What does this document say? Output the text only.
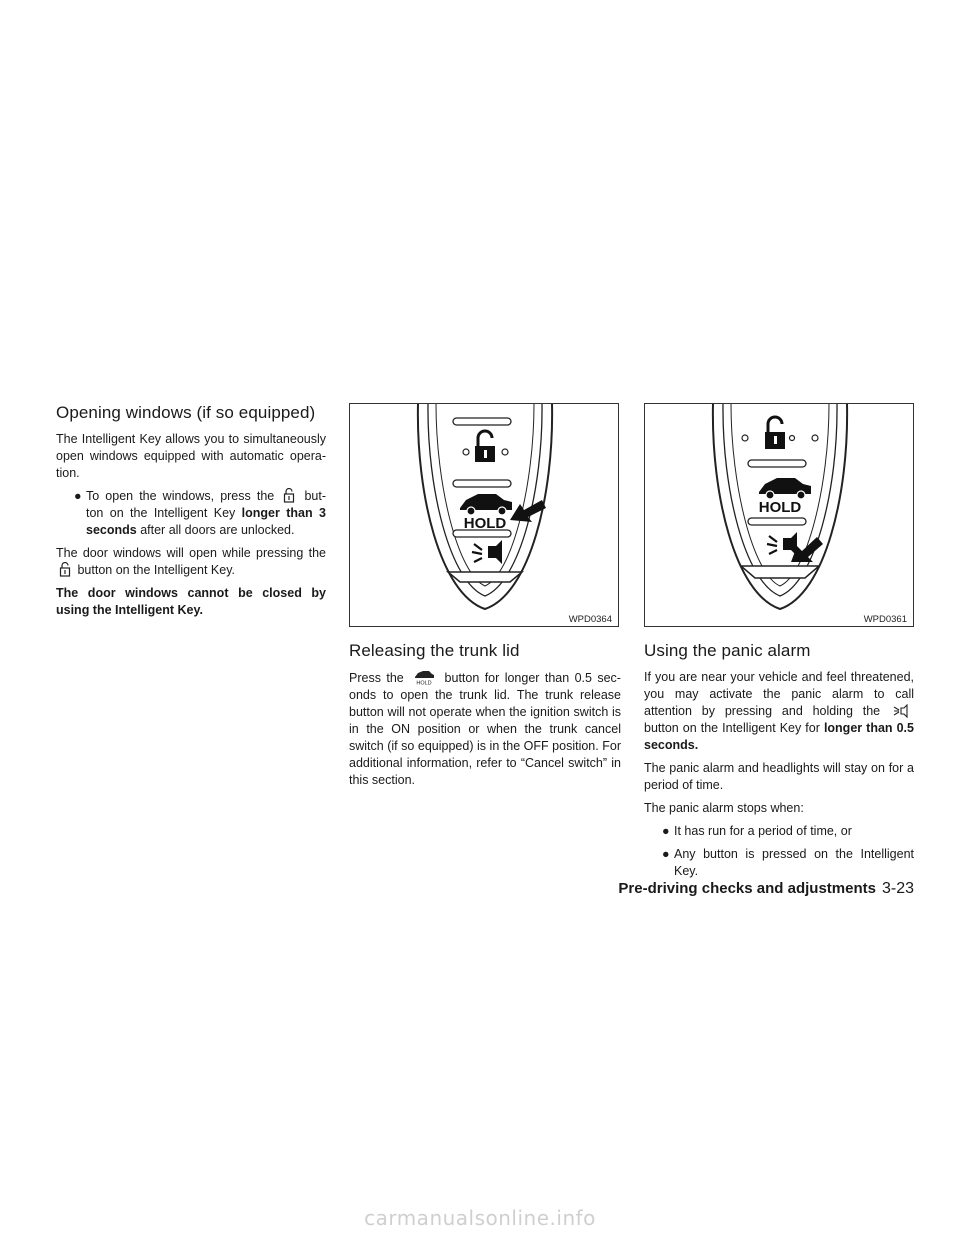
Opening windows (if so equipped)

The Intelligent Key allows you to simultaneously open windows equipped with automatic opera- tion.

● To open the windows, press the but- ton on the Intelligent Key longer than 3 seconds after all doors are unlocked.

The door windows will open while pressing the  button on the Intelligent Key.

The door windows cannot be closed by using the Intelligent Key.

HOLD
WPD0364
Releasing the trunk lid

Press the HOLD button for longer than 0.5 sec- onds to open the trunk lid. The trunk release button will not operate when the ignition switch is in the ON position or when the trunk cancel switch (if so equipped) is in the OFF position. For additional information, refer to “Cancel switch” in this section.

HOLD
WPD0361
Using the panic alarm

If you are near your vehicle and feel threatened, you may activate the panic alarm to call attention by pressing and holding the  button on the Intelligent Key for longer than 0.5 seconds.

The panic alarm and headlights will stay on for a period of time.

The panic alarm stops when:

● It has run for a period of time, or
● Any button is pressed on the Intelligent Key.
Pre-driving checks and adjustments 3-23
carmanualsonline.info
